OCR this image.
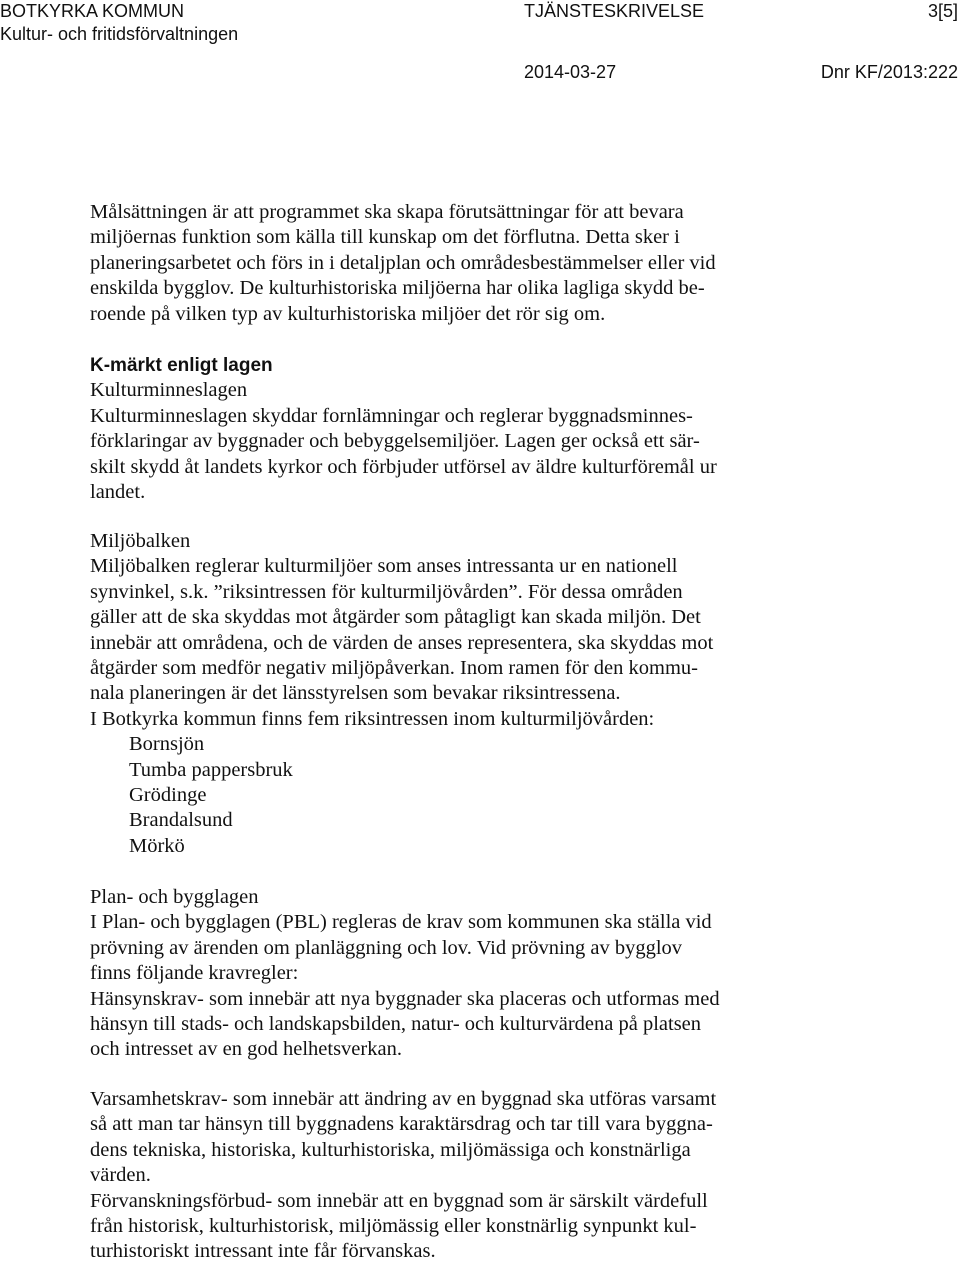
BOTKYRKA KOMMUN
Kultur- och fritidsförvaltningen
TJÄNSTESKRIVELSE	3[5]
2014-03-27	Dnr KF/2013:222
Målsättningen är att programmet ska skapa förutsättningar för att bevara
miljöernas funktion som källa till kunskap om det förflutna. Detta sker i
planeringsarbetet och förs in i detaljplan och områdesbestämmelser eller vid
enskilda bygglov. De kulturhistoriska miljöerna har olika lagliga skydd be-
roende på vilken typ av kulturhistoriska miljöer det rör sig om.
K-märkt enligt lagen
Kulturminneslagen
Kulturminneslagen skyddar fornlämningar och reglerar byggnadsminnes-
förklaringar av byggnader och bebyggelsemiljöer. Lagen ger också ett sär-
skilt skydd åt landets kyrkor och förbjuder utförsel av äldre kulturföremål ur
landet.
Miljöbalken
Miljöbalken reglerar kulturmiljöer som anses intressanta ur en nationell
synvinkel, s.k. ”riksintressen för kulturmiljövården”. För dessa områden
gäller att de ska skyddas mot åtgärder som påtagligt kan skada miljön. Det
innebär att områdena, och de värden de anses representera, ska skyddas mot
åtgärder som medför negativ miljöpåverkan. Inom ramen för den kommu-
nala planeringen är det länsstyrelsen som bevakar riksintressena.
I Botkyrka kommun finns fem riksintressen inom kulturmiljövården:
Bornsjön
Tumba pappersbruk
Grödinge
Brandalsund
Mörkö
Plan- och bygglagen
I Plan- och bygglagen (PBL) regleras de krav som kommunen ska ställa vid
prövning av ärenden om planläggning och lov. Vid prövning av bygglov
finns följande kravregler:
Hänsynskrav- som innebär att nya byggnader ska placeras och utformas med
hänsyn till stads- och landskapsbilden, natur- och kulturvärdena på platsen
och intresset av en god helhetsverkan.
Varsamhetskrav- som innebär att ändring av en byggnad ska utföras varsamt
så att man tar hänsyn till byggnadens karaktärsdrag och tar till vara byggna-
dens tekniska, historiska, kulturhistoriska, miljömässiga och konstnärliga
värden.
Förvanskningsförbud- som innebär att en byggnad som är särskilt värdefull
från historisk, kulturhistorisk, miljömässig eller konstnärlig synpunkt kul-
turhistoriskt intressant inte får förvanskas.
